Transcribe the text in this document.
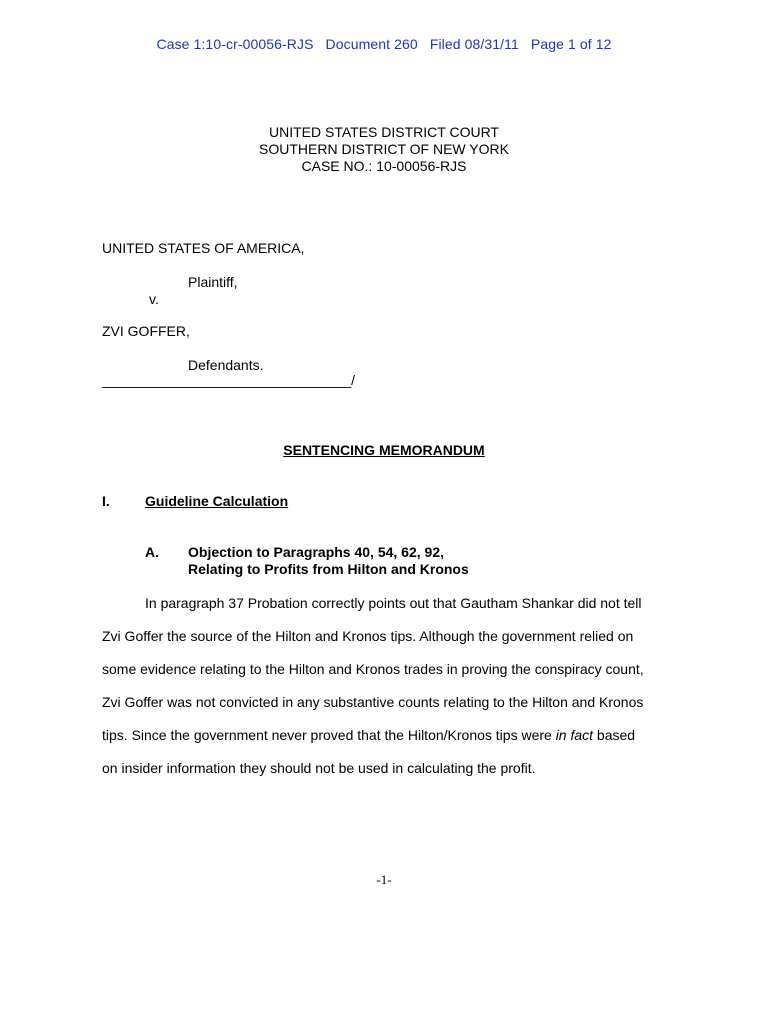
Case 1:10-cr-00056-RJS Document 260 Filed 08/31/11 Page 1 of 12
UNITED STATES DISTRICT COURT
SOUTHERN DISTRICT OF NEW YORK
CASE NO.: 10-00056-RJS
UNITED STATES OF AMERICA,
Plaintiff,
v.
ZVI GOFFER,
Defendants.
________________________________/
SENTENCING MEMORANDUM
I.	Guideline Calculation
A. Objection to Paragraphs 40, 54, 62, 92,
Relating to Profits from Hilton and Kronos
In paragraph 37 Probation correctly points out that Gautham Shankar did not tell
Zvi Goffer the source of the Hilton and Kronos tips. Although the government relied on
some evidence relating to the Hilton and Kronos trades in proving the conspiracy count,
Zvi Goffer was not convicted in any substantive counts relating to the Hilton and Kronos
tips. Since the government never proved that the Hilton/Kronos tips were in fact based
on insider information they should not be used in calculating the profit.
-1-
